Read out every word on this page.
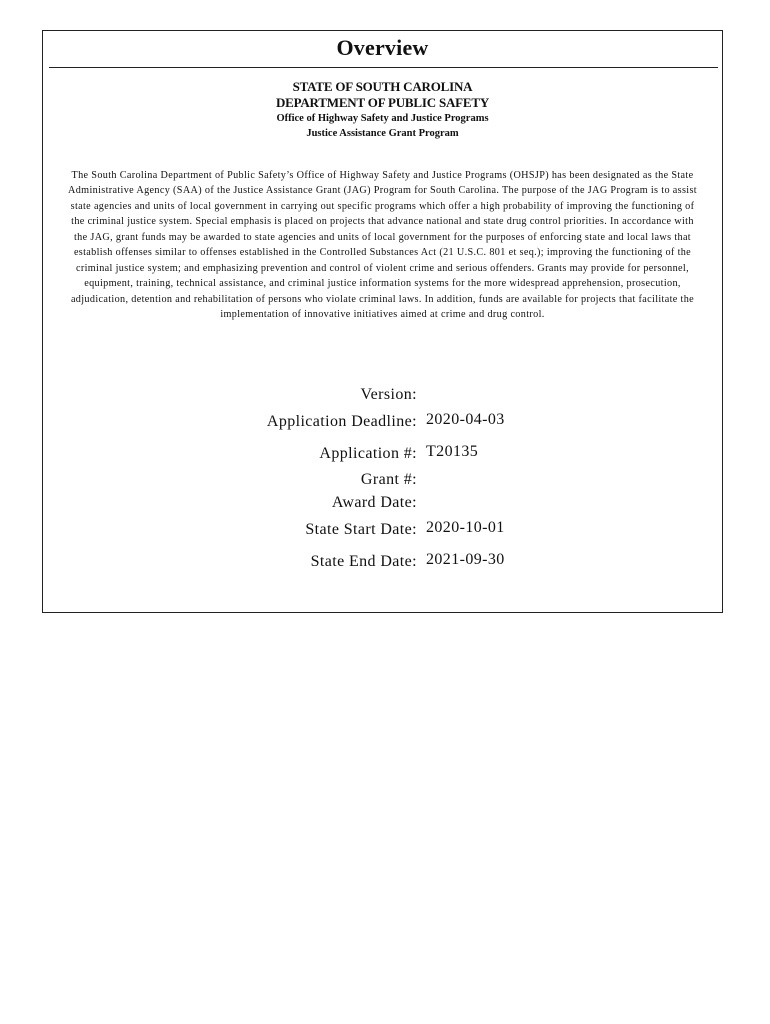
Overview
STATE OF SOUTH CAROLINA
DEPARTMENT OF PUBLIC SAFETY
Office of Highway Safety and Justice Programs
Justice Assistance Grant Program
The South Carolina Department of Public Safety’s Office of Highway Safety and Justice Programs (OHSJP) has been designated as the State Administrative Agency (SAA) of the Justice Assistance Grant (JAG) Program for South Carolina. The purpose of the JAG Program is to assist state agencies and units of local government in carrying out specific programs which offer a high probability of improving the functioning of the criminal justice system. Special emphasis is placed on projects that advance national and state drug control priorities. In accordance with the JAG, grant funds may be awarded to state agencies and units of local government for the purposes of enforcing state and local laws that establish offenses similar to offenses established in the Controlled Substances Act (21 U.S.C. 801 et seq.); improving the functioning of the criminal justice system; and emphasizing prevention and control of violent crime and serious offenders. Grants may provide for personnel, equipment, training, technical assistance, and criminal justice information systems for the more widespread apprehension, prosecution, adjudication, detention and rehabilitation of persons who violate criminal laws. In addition, funds are available for projects that facilitate the implementation of innovative initiatives aimed at crime and drug control.
Version:
Application Deadline: 2020-04-03
Application #: T20135
Grant #:
Award Date:
State Start Date: 2020-10-01
State End Date: 2021-09-30
